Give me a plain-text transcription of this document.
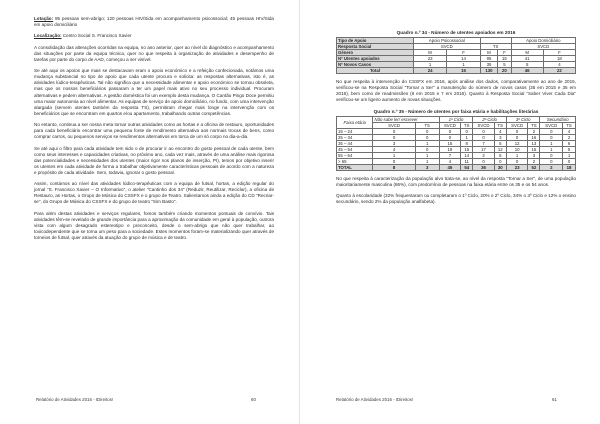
Lotação: 95 pessoas sem-abrigo; 120 pessoas HIV/Sida em acompanhamento psicossocial; 45 pessoas HIV/Sida em apoio domiciliário

Localização: Centro Social S. Francisco Xavier

A consolidação das alterações ocorridas na equipa, no ano anterior, quer ao nível do diagnóstico e acompanhamento das situações por parte da equipa técnica, quer no que respeita à organização de atividades e desempenho de tarefas por parte do corpo de AAD, começou a ser visível.

Se até aqui os apoios que mais se destacavam eram o apoio económico e a refeição confecionada, notámos uma mudança substancial no tipo de apoio que cada utente procura e solicita: as respostas alternativas, isto é, as atividades lúdico-terapêuticas. Tal não significa que a necessidade alimentar e apoio económico se tornou obsoleta, mas que os nossos beneficiários passaram a ter um papel mais ativo no seu processo individual. Procuram alternativas e pedem alternativas. A gestão doméstica foi um exemplo desta mudança. O Cantão Pingo Doce permitiu uma maior autonomia ao nível alimentar. As equipas de serviço de apoio domiciliário, no fundo, com uma intervenção alargada (servem utentes também da resposta TS), permitiram chegar mais longe na intervenção com os beneficiários que se encontram em quartos e/ou apartamento, trabalhando outras competências.

No entanto, continua a ser nossa meta tornar outras atividades como as hortas e a oficina de restauro, oportunidades para cada beneficiário encontrar uma pequena fonte de rendimento alternativa aos normais trocas de bens, como comprar carros, ou pequenos serviços se rendimentos alternativos em torca de um só corpo no dia-a-dia.

Se até aqui o filtro para cada atividade tem sido o de procurar ir ao encontro do gosto pessoal de cada utente, bem como seus interesses e capacidades criativas, no próximo ano, cada vez mais, através de uma análise mais rigorosa das potencialidades e necessidades dos utentes (maior rigor nos planos de inserção, PI), temos por objetivo inserir os utentes em cada atividade de forma a trabalhar objetivamente características pessoais de acordo com a natureza e propósito de cada atividade. Sem, todavia, ignorar o gosto pessoal.

Assim, contámos ao nível das atividades lúdico-terapêuticas com a equipa de futsal, hortas, a edição regular do jornal "S. Francisco Xavier – O Informativo", o atelier "Cantinho dos 34" (Reduzir, Reutilizar, Reciclar), a oficina de Restauro, as Hortas, o Grupo de Música do CSSFX e o grupo de Teatro. Salientamos ainda a edição do CD "Recriar-se", do Grupo de Música do CSSFX e do grupo de teatro "Sim Basto".

Para além destas atividades e serviços regulares, fomos também criando momentos pontuais de convívio. Tais atividades têm-se revelado de grande importância para a aproximação da comunidade em geral à população, outrora vista com algum desagrado estereotipo e preconceito, desde o sem-abrigo que não quer trabalhar, ao toxicodependente que se torna um peso para a sociedade. Estes momentos foram-se materializando quer através de torneios de futsal, quer através da atuação do grupo de música e de teatro.

Relatório de Atividades 2016 - IDireitos!	60
Quadro n.º 34 - Número de utentes apoiados em 2016
Tipo de Apoio	Apoio Psicossocial				Apoio Domiciliário	
Resposta Social	SVCD		TS		SVCD	
Género	M	F	M	F	M	F
Nº Utentes apoiados	23	14	95	15	41	18
Nº Novos Casos	1	1	35	5	5	4
Total	24	15	130	20	46	22

No que respeita à intervenção do CSSFX em 2016, após análise dos dados, comparativamente ao ano de 2015, verificou-se na Resposta Social "Tornar a Ser" a manutenção do número de novos casos (35 em 2015 e 35 em 2016), bem como de readmissões (8 em 2015 e 7 em 2016). Quanto à Resposta Social "Saber Viver Cada Dia" verificou-se um ligeiro aumento de novas situações.

Quadro n.º 35 - Número de utentes por faixa etária e habilitações literárias
Faixa etária	Não sabe ler/ escrever		1º Ciclo		2º Ciclo		3º Ciclo		Secundário	
	SVCD	TS	SVCD	TS	SVCD	TS	SVCD	TS	SVCD	TS
15 – 24	0	0	0	0	0	4	0	2	0	4
25 – 34	0	0	0	1	0	3	0	16	0	2
35 – 44	3	1	15	8	7	5	12	13	1	6
45 – 54	4	0	19	15	17	12	10	15	1	5
55 – 64	1	1	7	14	2	6	1	3	0	1
> 65	0	1	4	11	0	0	0	2	0	0
TOTAL	8	3	45	54	36	30	23	52	2	18

No que respeita à caracterização da população alvo trata-se, ao nível da resposta "Tornar a Ser", de uma população maioritariamente masculina (86%), com predomínio de pessoas na faixa etária entre os 35 e os 54 anos.

Quanto à escolaridade (32% frequentaram ou completaram o 1º Ciclo, 20% o 2º Ciclo, 34% o 3º Ciclo e 12% o ensino secundário, sendo 2% da população analfabeta).

Relatório de Atividades 2016 - IDireitos!	61
